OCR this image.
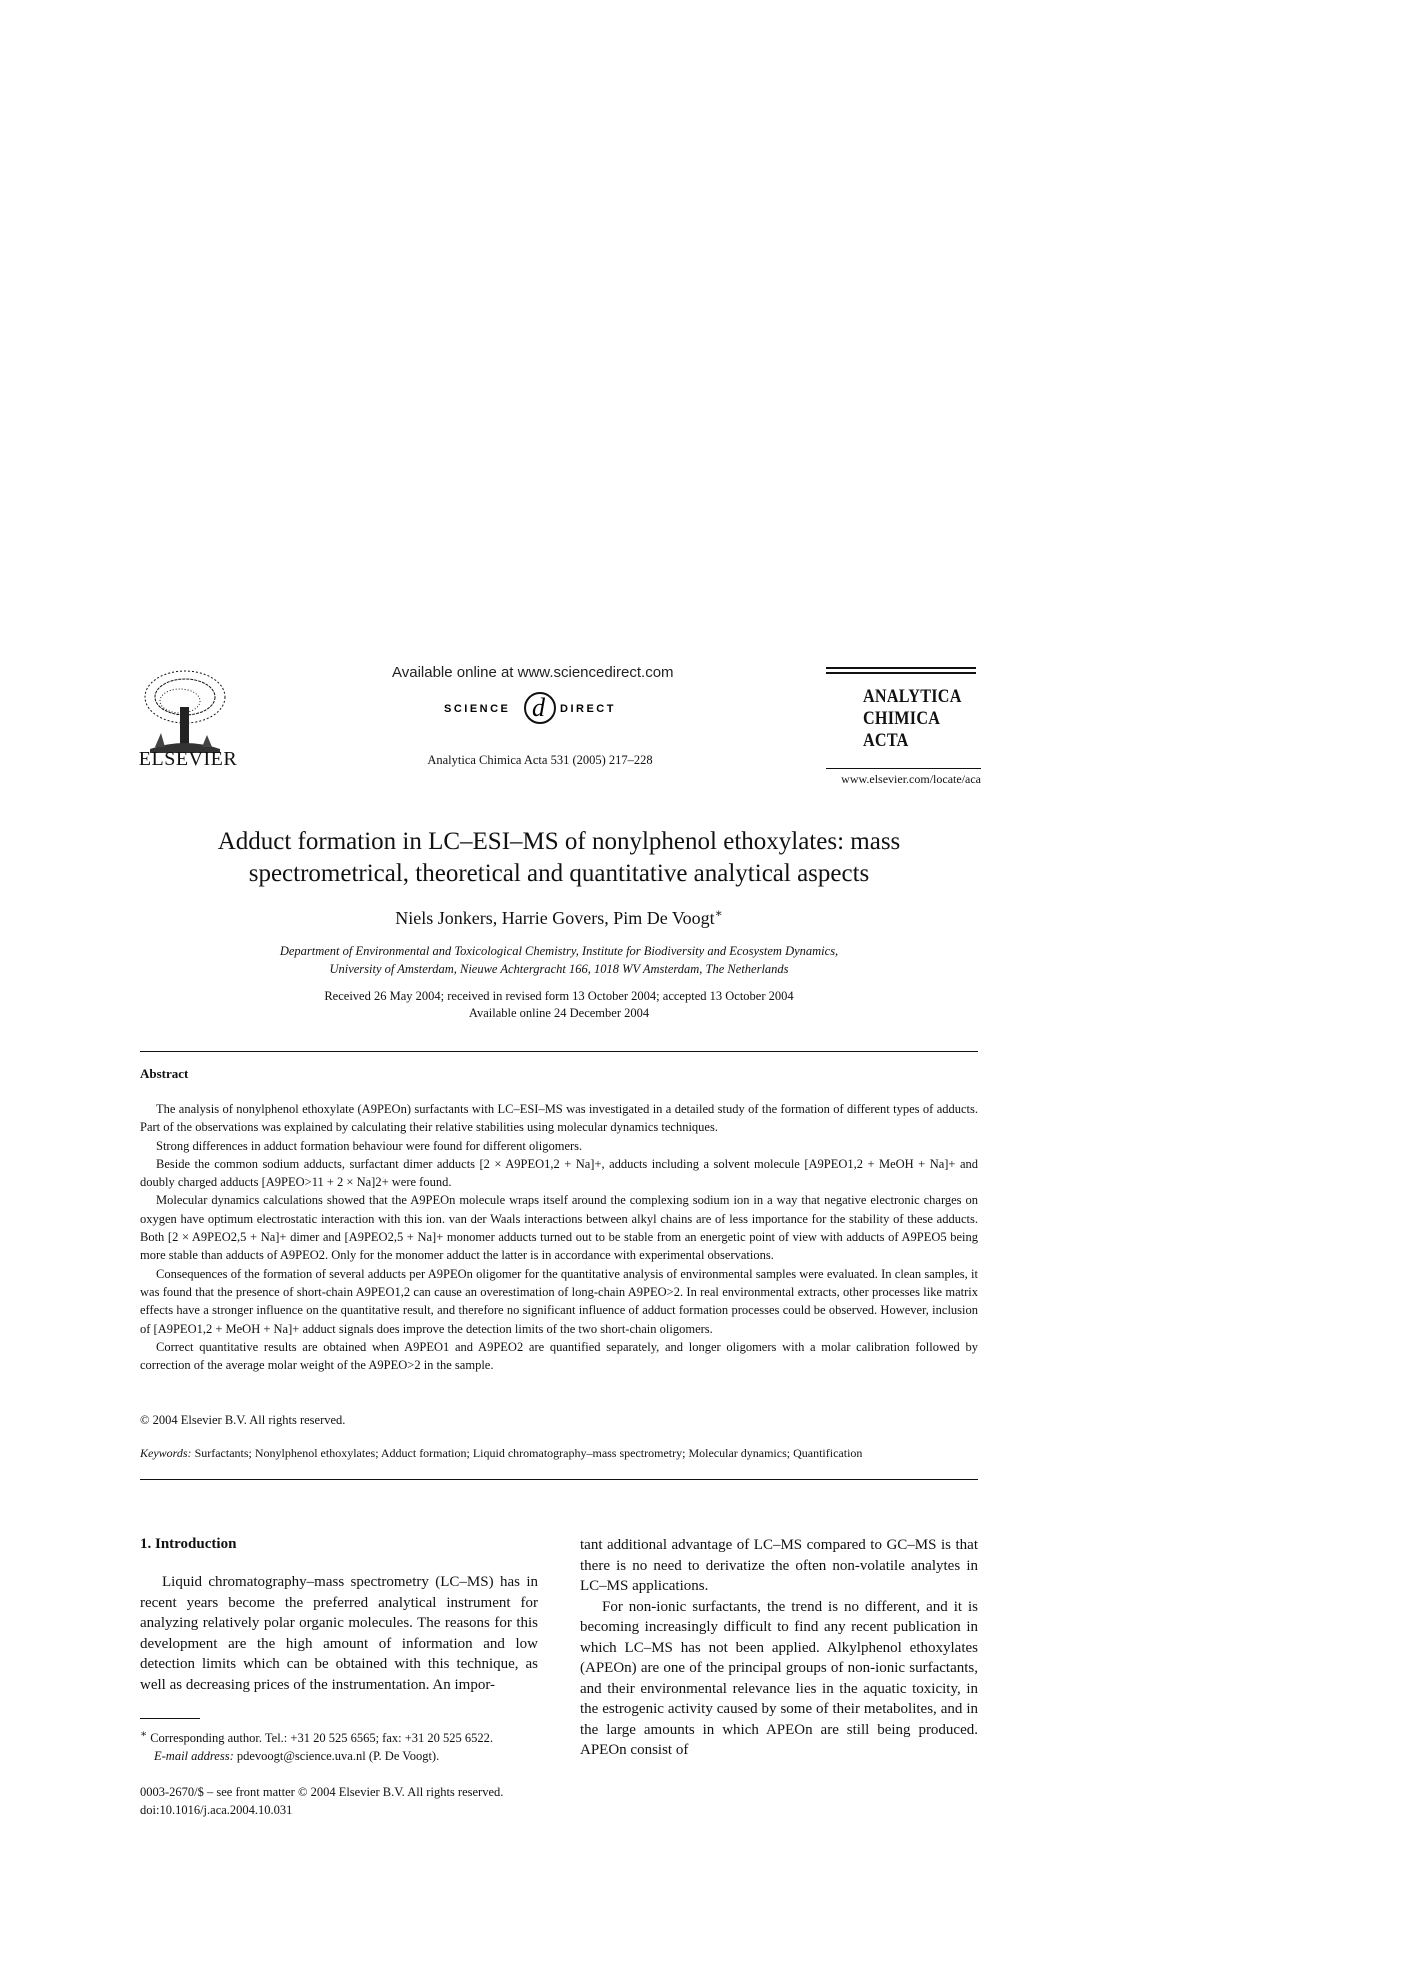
ELSEVIER
Available online at www.sciencedirect.com
SCIENCE d DIRECT
Analytica Chimica Acta 531 (2005) 217–228
ANALYTICA
CHIMICA
ACTA
www.elsevier.com/locate/aca
Adduct formation in LC–ESI–MS of nonylphenol ethoxylates: mass
spectrometrical, theoretical and quantitative analytical aspects
Niels Jonkers, Harrie Govers, Pim De Voogt∗
Department of Environmental and Toxicological Chemistry, Institute for Biodiversity and Ecosystem Dynamics,
University of Amsterdam, Nieuwe Achtergracht 166, 1018 WV Amsterdam, The Netherlands
Received 26 May 2004; received in revised form 13 October 2004; accepted 13 October 2004
Available online 24 December 2004
Abstract

The analysis of nonylphenol ethoxylate (A9PEOn) surfactants with LC–ESI–MS was investigated in a detailed study of the formation of different types of adducts. Part of the observations was explained by calculating their relative stabilities using molecular dynamics techniques.

Strong differences in adduct formation behaviour were found for different oligomers.

Beside the common sodium adducts, surfactant dimer adducts [2 × A9PEO1,2 + Na]+, adducts including a solvent molecule [A9PEO1,2 + MeOH + Na]+ and doubly charged adducts [A9PEO>11 + 2 × Na]2+ were found.

Molecular dynamics calculations showed that the A9PEOn molecule wraps itself around the complexing sodium ion in a way that negative electronic charges on oxygen have optimum electrostatic interaction with this ion. van der Waals interactions between alkyl chains are of less importance for the stability of these adducts. Both [2 × A9PEO2,5 + Na]+ dimer and [A9PEO2,5 + Na]+ monomer adducts turned out to be stable from an energetic point of view with adducts of A9PEO5 being more stable than adducts of A9PEO2. Only for the monomer adduct the latter is in accordance with experimental observations.

Consequences of the formation of several adducts per A9PEOn oligomer for the quantitative analysis of environmental samples were evaluated. In clean samples, it was found that the presence of short-chain A9PEO1,2 can cause an overestimation of long-chain A9PEO>2. In real environmental extracts, other processes like matrix effects have a stronger influence on the quantitative result, and therefore no significant influence of adduct formation processes could be observed. However, inclusion of [A9PEO1,2 + MeOH + Na]+ adduct signals does improve the detection limits of the two short-chain oligomers.

Correct quantitative results are obtained when A9PEO1 and A9PEO2 are quantified separately, and longer oligomers with a molar calibration followed by correction of the average molar weight of the A9PEO>2 in the sample.

© 2004 Elsevier B.V. All rights reserved.
Keywords: Surfactants; Nonylphenol ethoxylates; Adduct formation; Liquid chromatography–mass spectrometry; Molecular dynamics; Quantification
1. Introduction

Liquid chromatography–mass spectrometry (LC–MS) has in recent years become the preferred analytical instrument for analyzing relatively polar organic molecules. The reasons for this development are the high amount of information and low detection limits which can be obtained with this technique, as well as decreasing prices of the instrumentation. An impor-

tant additional advantage of LC–MS compared to GC–MS is that there is no need to derivatize the often non-volatile analytes in LC–MS applications.

For non-ionic surfactants, the trend is no different, and it is becoming increasingly difficult to find any recent publication in which LC–MS has not been applied. Alkylphenol ethoxylates (APEOn) are one of the principal groups of non-ionic surfactants, and their environmental relevance lies in the aquatic toxicity, in the estrogenic activity caused by some of their metabolites, and in the large amounts in which APEOn are still being produced. APEOn consist of

∗ Corresponding author. Tel.: +31 20 525 6565; fax: +31 20 525 6522.
E-mail address: pdevoogt@science.uva.nl (P. De Voogt).
0003-2670/$ – see front matter © 2004 Elsevier B.V. All rights reserved.
doi:10.1016/j.aca.2004.10.031
